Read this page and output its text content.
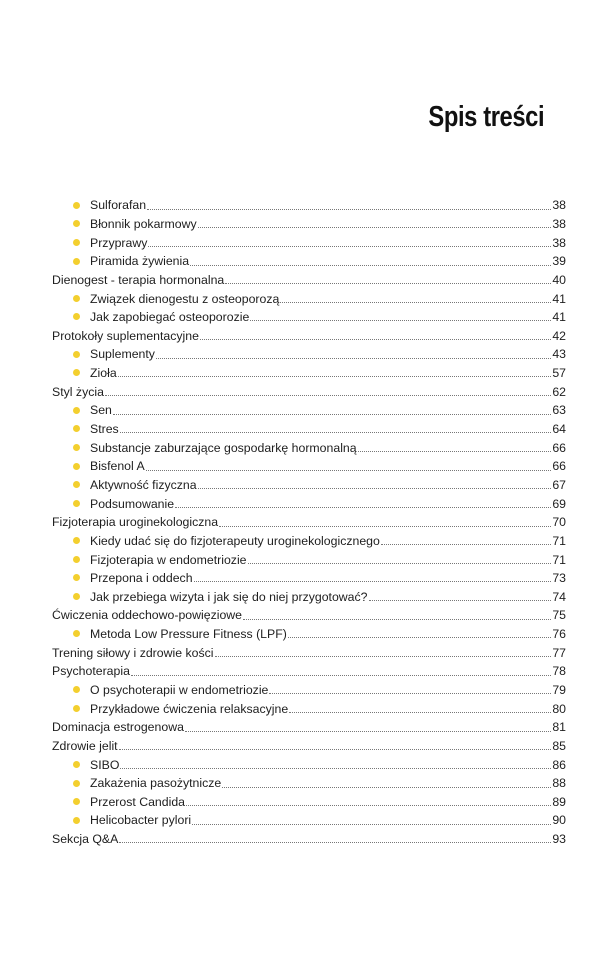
Spis treści
Sulforafan	38
Błonnik pokarmowy	38
Przyprawy	38
Piramida żywienia	39
Dienogest - terapia hormonalna	40
Związek dienogestu z osteoporozą	41
Jak zapobiegać osteoporozie	41
Protokoły suplementacyjne	42
Suplementy	43
Zioła	57
Styl życia	62
Sen	63
Stres	64
Substancje zaburzające gospodarkę hormonalną	66
Bisfenol A	66
Aktywność fizyczna	67
Podsumowanie	69
Fizjoterapia uroginekologiczna	70
Kiedy udać się do fizjoterapeuty uroginekologicznego	71
Fizjoterapia w endometriozie	71
Przepona i oddech	73
Jak przebiega wizyta i jak się do niej przygotować?	74
Ćwiczenia oddechowo-powięziowe	75
Metoda Low Pressure Fitness (LPF)	76
Trening siłowy i zdrowie kości	77
Psychoterapia	78
O psychoterapii w endometriozie	79
Przykładowe ćwiczenia relaksacyjne	80
Dominacja estrogenowa	81
Zdrowie jelit	85
SIBO	86
Zakażenia pasożytnicze	88
Przerost Candida	89
Helicobacter pylori	90
Sekcja Q&A	93
